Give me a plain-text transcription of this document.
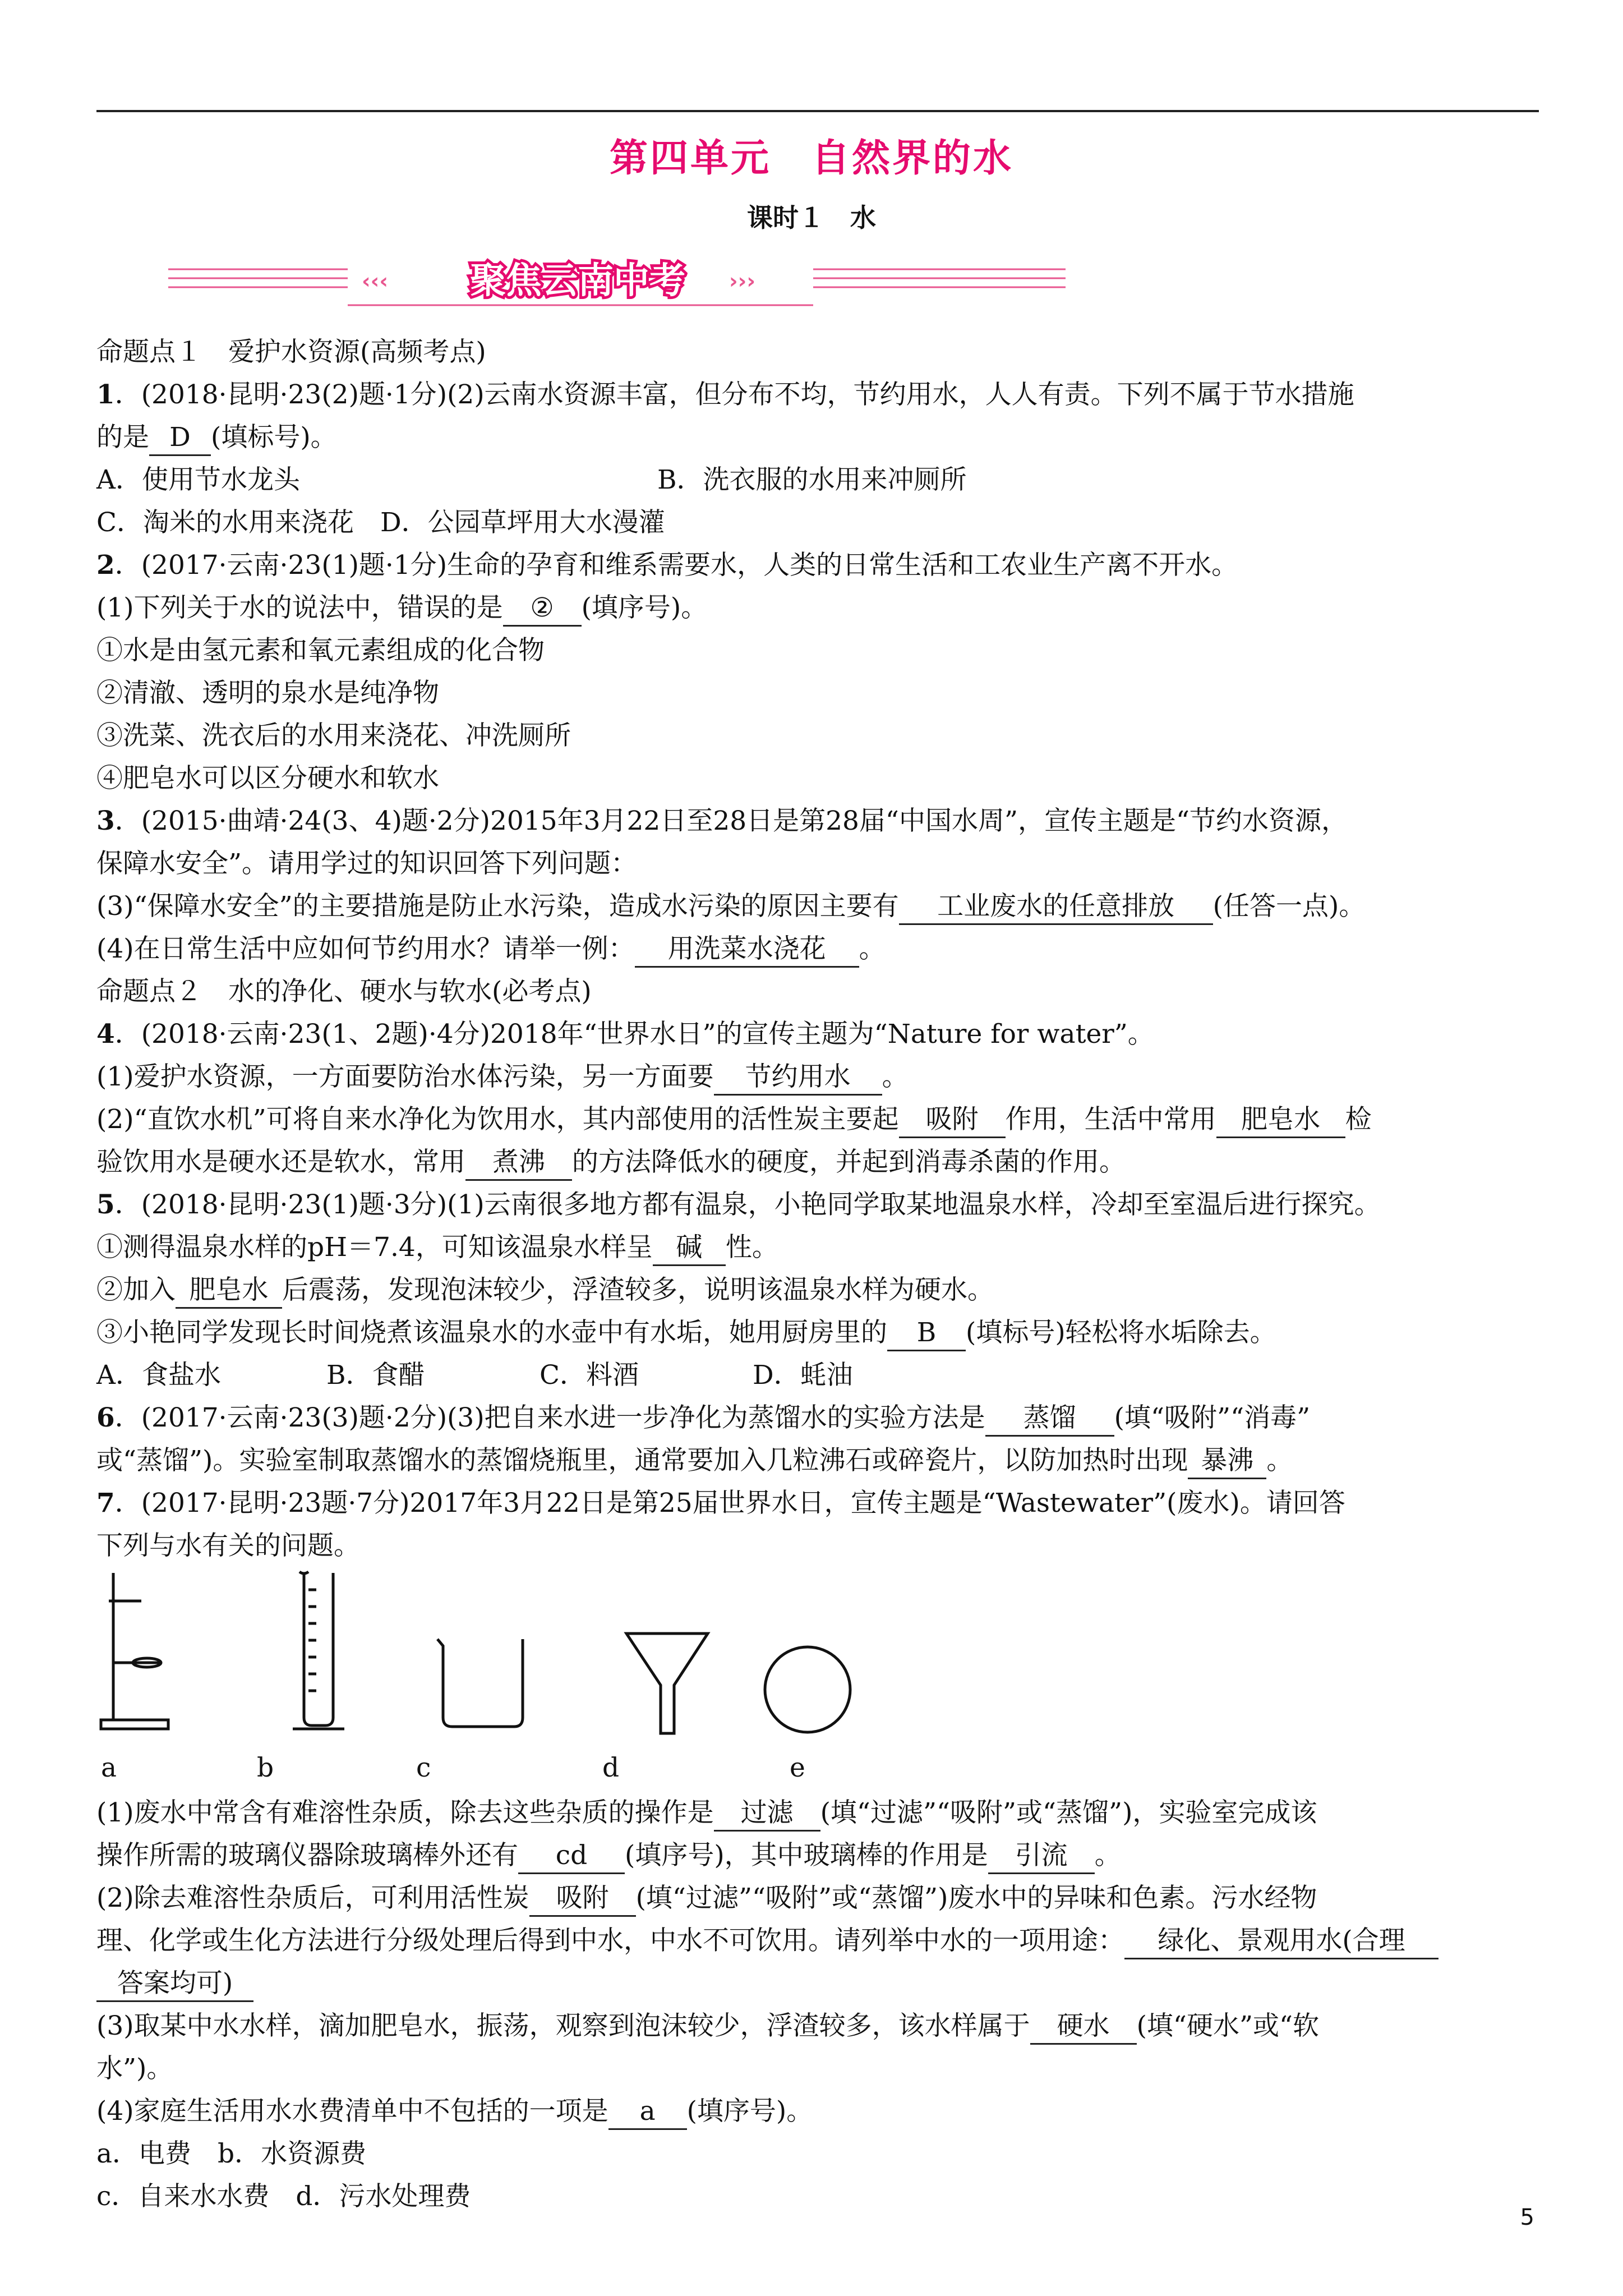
第四单元　自然界的水
课时１　水
‹‹‹	›››
聚焦云南中考
命题点１　爱护水资源(高频考点)
1．(2018·昆明·23(2)题·1分)(2)云南水资源丰富，但分布不均，节约用水，人人有责。下列不属于节水措施
的是 D (填标号)。
A．使用节水龙头	B．洗衣服的水用来冲厕所
C．淘米的水用来浇花　D．公园草坪用大水漫灌
2．(2017·云南·23(1)题·1分)生命的孕育和维系需要水，人类的日常生活和工农业生产离不开水。
(1)下列关于水的说法中，错误的是 ② (填序号)。
①水是由氢元素和氧元素组成的化合物
②清澈、透明的泉水是纯净物
③洗菜、洗衣后的水用来浇花、冲洗厕所
④肥皂水可以区分硬水和软水
3．(2015·曲靖·24(3、4)题·2分)2015年3月22日至28日是第28届“中国水周”，宣传主题是“节约水资源，
保障水安全”。请用学过的知识回答下列问题：
(3)“保障水安全”的主要措施是防止水污染，造成水污染的原因主要有 工业废水的任意排放 (任答一点)。
(4)在日常生活中应如何节约用水？请举一例： 用洗菜水浇花 。
命题点２　水的净化、硬水与软水(必考点)
4．(2018·云南·23(1、2题)·4分)2018年“世界水日”的宣传主题为“Nature for water”。
(1)爱护水资源，一方面要防治水体污染，另一方面要 节约用水 。
(2)“直饮水机”可将自来水净化为饮用水，其内部使用的活性炭主要起 吸附 作用，生活中常用 肥皂水 检
验饮用水是硬水还是软水，常用 煮沸 的方法降低水的硬度，并起到消毒杀菌的作用。
5．(2018·昆明·23(1)题·3分)(1)云南很多地方都有温泉，小艳同学取某地温泉水样，冷却至室温后进行探究。
①测得温泉水样的pH＝7.4，可知该温泉水样呈 碱 性。
②加入 肥皂水 后震荡，发现泡沫较少，浮渣较多，说明该温泉水样为硬水。
③小艳同学发现长时间烧煮该温泉水的水壶中有水垢，她用厨房里的 B (填标号)轻松将水垢除去。
A．食盐水	B．食醋	C．料酒	D．蚝油
6．(2017·云南·23(3)题·2分)(3)把自来水进一步净化为蒸馏水的实验方法是 蒸馏 (填“吸附”“消毒”
或“蒸馏”)。实验室制取蒸馏水的蒸馏烧瓶里，通常要加入几粒沸石或碎瓷片，以防加热时出现 暴沸 。
7．(2017·昆明·23题·7分)2017年3月22日是第25届世界水日，宣传主题是“Wastewater”(废水)。请回答
下列与水有关的问题。
a	b	c	d	e
(1)废水中常含有难溶性杂质，除去这些杂质的操作是 过滤 (填“过滤”“吸附”或“蒸馏”)，实验室完成该
操作所需的玻璃仪器除玻璃棒外还有 cd (填序号)，其中玻璃棒的作用是 引流 。
(2)除去难溶性杂质后，可利用活性炭 吸附 (填“过滤”“吸附”或“蒸馏”)废水中的异味和色素。污水经物
理、化学或生化方法进行分级处理后得到中水，中水不可饮用。请列举中水的一项用途： 绿化、景观用水(合理
答案均可)
(3)取某中水水样，滴加肥皂水，振荡，观察到泡沫较少，浮渣较多，该水样属于 硬水 (填“硬水”或“软
水”)。
(4)家庭生活用水水费清单中不包括的一项是 a (填序号)。
a．电费　b．水资源费
c．自来水水费　d．污水处理费
5
